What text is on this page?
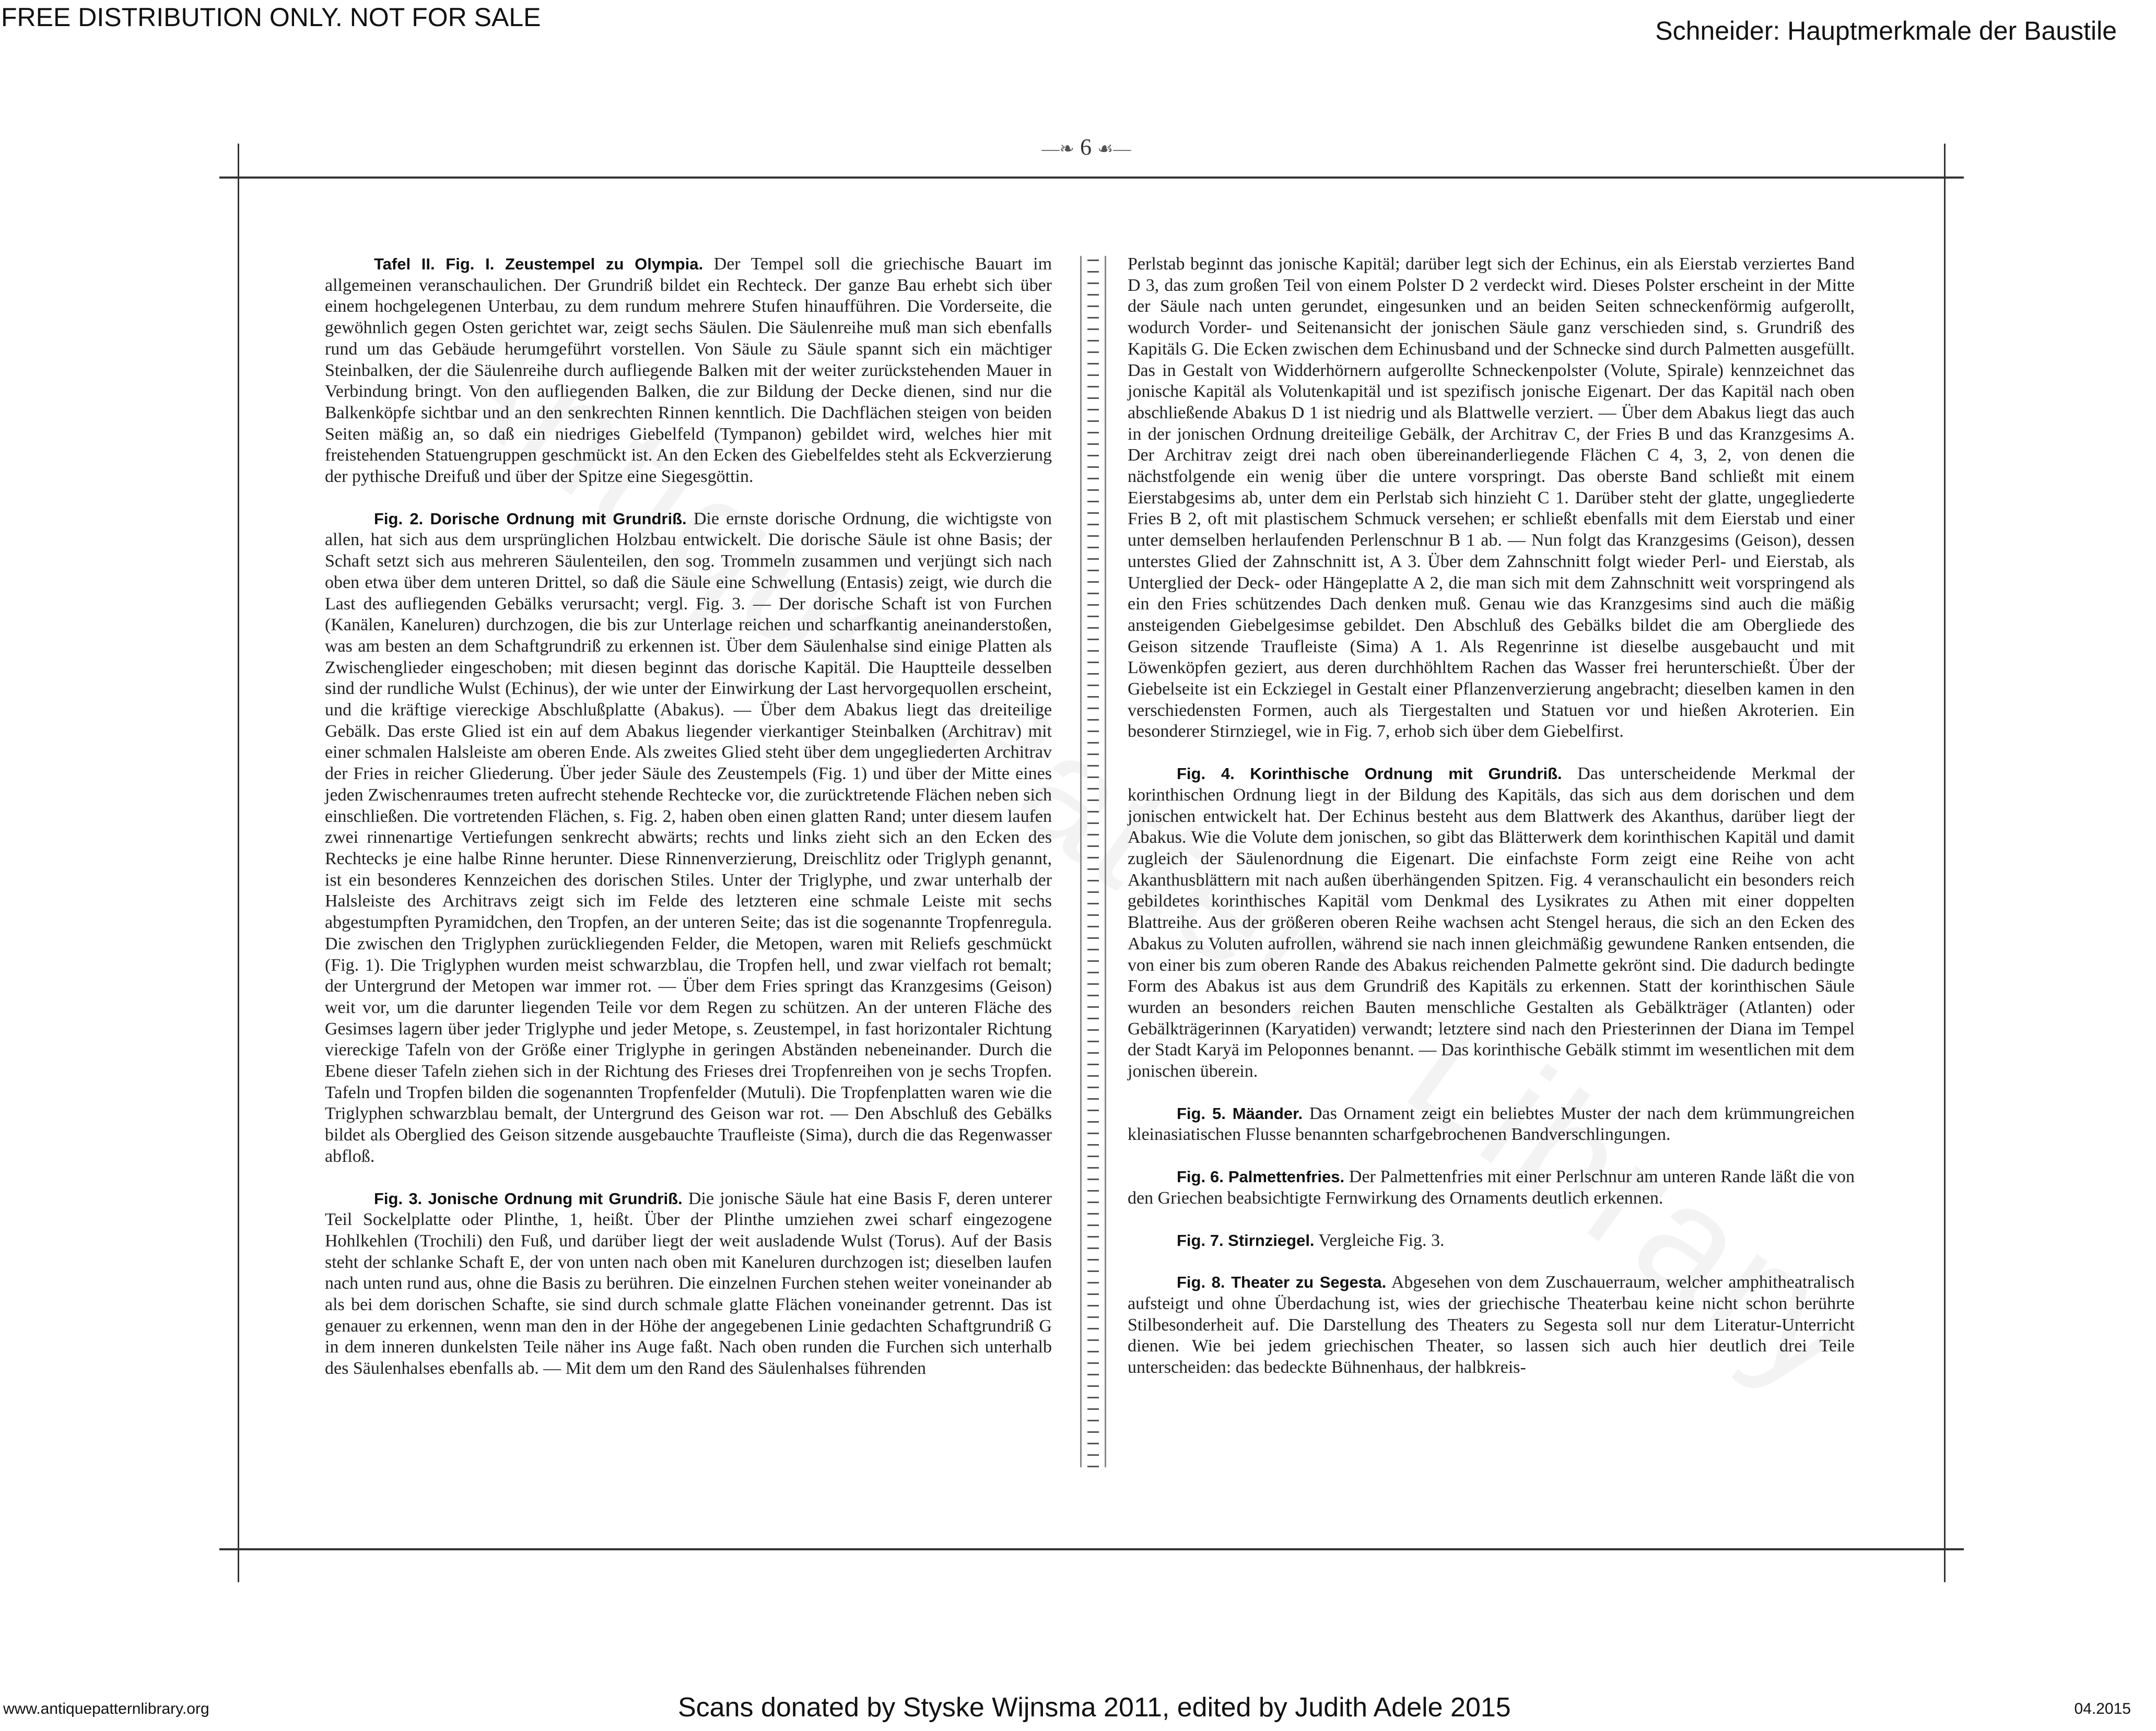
FREE DISTRIBUTION ONLY. NOT FOR SALE	Schneider: Hauptmerkmale der Baustile
—❧ 6 ☙—

Tafel II. Fig. I. Zeustempel zu Olympia. Der Tempel soll die griechische Bauart im allgemeinen veranschaulichen. Der Grundriß bildet ein Rechteck. Der ganze Bau erhebt sich über einem hochgelegenen Unterbau, zu dem rundum mehrere Stufen hinaufführen. Die Vorderseite, die gewöhnlich gegen Osten gerichtet war, zeigt sechs Säulen. Die Säulenreihe muß man sich ebenfalls rund um das Gebäude herumgeführt vorstellen. Von Säule zu Säule spannt sich ein mächtiger Steinbalken, der die Säulenreihe durch aufliegende Balken mit der weiter zurückstehenden Mauer in Verbindung bringt. Von den aufliegenden Balken, die zur Bildung der Decke dienen, sind nur die Balkenköpfe sichtbar und an den senkrechten Rinnen kenntlich. Die Dachflächen steigen von beiden Seiten mäßig an, so daß ein niedriges Giebelfeld (Tympanon) gebildet wird, welches hier mit freistehenden Statuengruppen geschmückt ist. An den Ecken des Giebelfeldes steht als Eckverzierung der pythische Dreifuß und über der Spitze eine Siegesgöttin.

Fig. 2. Dorische Ordnung mit Grundriß. Die ernste dorische Ordnung, die wichtigste von allen, hat sich aus dem ursprünglichen Holzbau entwickelt. Die dorische Säule ist ohne Basis; der Schaft setzt sich aus mehreren Säulenteilen, den sog. Trommeln zusammen und verjüngt sich nach oben etwa über dem unteren Drittel, so daß die Säule eine Schwellung (Entasis) zeigt, wie durch die Last des aufliegenden Gebälks verursacht; vergl. Fig. 3. — Der dorische Schaft ist von Furchen (Kanälen, Kaneluren) durchzogen, die bis zur Unterlage reichen und scharfkantig aneinanderstoßen, was am besten an dem Schaftgrundriß zu erkennen ist. Über dem Säulenhalse sind einige Platten als Zwischenglieder eingeschoben; mit diesen beginnt das dorische Kapitäl. Die Hauptteile desselben sind der rundliche Wulst (Echinus), der wie unter der Einwirkung der Last hervorgequollen erscheint, und die kräftige viereckige Abschlußplatte (Abakus). — Über dem Abakus liegt das dreiteilige Gebälk. Das erste Glied ist ein auf dem Abakus liegender vierkantiger Steinbalken (Architrav) mit einer schmalen Halsleiste am oberen Ende. Als zweites Glied steht über dem ungegliederten Architrav der Fries in reicher Gliederung. Über jeder Säule des Zeustempels (Fig. 1) und über der Mitte eines jeden Zwischenraumes treten aufrecht stehende Rechtecke vor, die zurücktretende Flächen neben sich einschließen. Die vortretenden Flächen, s. Fig. 2, haben oben einen glatten Rand; unter diesem laufen zwei rinnenartige Vertiefungen senkrecht abwärts; rechts und links zieht sich an den Ecken des Rechtecks je eine halbe Rinne herunter. Diese Rinnenverzierung, Dreischlitz oder Triglyph genannt, ist ein besonderes Kennzeichen des dorischen Stiles. Unter der Triglyphe, und zwar unterhalb der Halsleiste des Architravs zeigt sich im Felde des letzteren eine schmale Leiste mit sechs abgestumpften Pyramidchen, den Tropfen, an der unteren Seite; das ist die sogenannte Tropfenregula. Die zwischen den Triglyphen zurückliegenden Felder, die Metopen, waren mit Reliefs geschmückt (Fig. 1). Die Triglyphen wurden meist schwarzblau, die Tropfen hell, und zwar vielfach rot bemalt; der Untergrund der Metopen war immer rot. — Über dem Fries springt das Kranzgesims (Geison) weit vor, um die darunter liegenden Teile vor dem Regen zu schützen. An der unteren Fläche des Gesimses lagern über jeder Triglyphe und jeder Metope, s. Zeustempel, in fast horizontaler Richtung viereckige Tafeln von der Größe einer Triglyphe in geringen Abständen nebeneinander. Durch die Ebene dieser Tafeln ziehen sich in der Richtung des Frieses drei Tropfenreihen von je sechs Tropfen. Tafeln und Tropfen bilden die sogenannten Tropfenfelder (Mutuli). Die Tropfenplatten waren wie die Triglyphen schwarzblau bemalt, der Untergrund des Geison war rot. — Den Abschluß des Gebälks bildet als Oberglied des Geison sitzende ausgebauchte Traufleiste (Sima), durch die das Regenwasser abfloß.

Fig. 3. Jonische Ordnung mit Grundriß. Die jonische Säule hat eine Basis F, deren unterer Teil Sockelplatte oder Plinthe, 1, heißt. Über der Plinthe umziehen zwei scharf eingezogene Hohlkehlen (Trochili) den Fuß, und darüber liegt der weit ausladende Wulst (Torus). Auf der Basis steht der schlanke Schaft E, der von unten nach oben mit Kaneluren durchzogen ist; dieselben laufen nach unten rund aus, ohne die Basis zu berühren. Die einzelnen Furchen stehen weiter voneinander ab als bei dem dorischen Schafte, sie sind durch schmale glatte Flächen voneinander getrennt. Das ist genauer zu erkennen, wenn man den in der Höhe der angegebenen Linie gedachten Schaftgrundriß G in dem inneren dunkelsten Teile näher ins Auge faßt. Nach oben runden die Furchen sich unterhalb des Säulenhalses ebenfalls ab. — Mit dem um den Rand des Säulenhalses führenden

Perlstab beginnt das jonische Kapitäl; darüber legt sich der Echinus, ein als Eierstab verziertes Band D 3, das zum großen Teil von einem Polster D 2 verdeckt wird. Dieses Polster erscheint in der Mitte der Säule nach unten gerundet, eingesunken und an beiden Seiten schneckenförmig aufgerollt, wodurch Vorder- und Seitenansicht der jonischen Säule ganz verschieden sind, s. Grundriß des Kapitäls G. Die Ecken zwischen dem Echinusband und der Schnecke sind durch Palmetten ausgefüllt. Das in Gestalt von Widderhörnern aufgerollte Schneckenpolster (Volute, Spirale) kennzeichnet das jonische Kapitäl als Volutenkapitäl und ist spezifisch jonische Eigenart. Der das Kapitäl nach oben abschließende Abakus D 1 ist niedrig und als Blattwelle verziert. — Über dem Abakus liegt das auch in der jonischen Ordnung dreiteilige Gebälk, der Architrav C, der Fries B und das Kranzgesims A. Der Architrav zeigt drei nach oben übereinanderliegende Flächen C 4, 3, 2, von denen die nächstfolgende ein wenig über die untere vorspringt. Das oberste Band schließt mit einem Eierstabgesims ab, unter dem ein Perlstab sich hinzieht C 1. Darüber steht der glatte, ungegliederte Fries B 2, oft mit plastischem Schmuck versehen; er schließt ebenfalls mit dem Eierstab und einer unter demselben herlaufenden Perlenschnur B 1 ab. — Nun folgt das Kranzgesims (Geison), dessen unterstes Glied der Zahnschnitt ist, A 3. Über dem Zahnschnitt folgt wieder Perl- und Eierstab, als Unterglied der Deck- oder Hängeplatte A 2, die man sich mit dem Zahnschnitt weit vorspringend als ein den Fries schützendes Dach denken muß. Genau wie das Kranzgesims sind auch die mäßig ansteigenden Giebelgesimse gebildet. Den Abschluß des Gebälks bildet die am Obergliede des Geison sitzende Traufleiste (Sima) A 1. Als Regenrinne ist dieselbe ausgebaucht und mit Löwenköpfen geziert, aus deren durchhöhltem Rachen das Wasser frei herunterschießt. Über der Giebelseite ist ein Eckziegel in Gestalt einer Pflanzenverzierung angebracht; dieselben kamen in den verschiedensten Formen, auch als Tiergestalten und Statuen vor und hießen Akroterien. Ein besonderer Stirnziegel, wie in Fig. 7, erhob sich über dem Giebelfirst.

Fig. 4. Korinthische Ordnung mit Grundriß. Das unterscheidende Merkmal der korinthischen Ordnung liegt in der Bildung des Kapitäls, das sich aus dem dorischen und dem jonischen entwickelt hat. Der Echinus besteht aus dem Blattwerk des Akanthus, darüber liegt der Abakus. Wie die Volute dem jonischen, so gibt das Blätterwerk dem korinthischen Kapitäl und damit zugleich der Säulenordnung die Eigenart. Die einfachste Form zeigt eine Reihe von acht Akanthusblättern mit nach außen überhängenden Spitzen. Fig. 4 veranschaulicht ein besonders reich gebildetes korinthisches Kapitäl vom Denkmal des Lysikrates zu Athen mit einer doppelten Blattreihe. Aus der größeren oberen Reihe wachsen acht Stengel heraus, die sich an den Ecken des Abakus zu Voluten aufrollen, während sie nach innen gleichmäßig gewundene Ranken entsenden, die von einer bis zum oberen Rande des Abakus reichenden Palmette gekrönt sind. Die dadurch bedingte Form des Abakus ist aus dem Grundriß des Kapitäls zu erkennen. Statt der korinthischen Säule wurden an besonders reichen Bauten menschliche Gestalten als Gebälkträger (Atlanten) oder Gebälkträgerinnen (Karyatiden) verwandt; letztere sind nach den Priesterinnen der Diana im Tempel der Stadt Karyä im Peloponnes benannt. — Das korinthische Gebälk stimmt im wesentlichen mit dem jonischen überein.

Fig. 5. Mäander. Das Ornament zeigt ein beliebtes Muster der nach dem krümmungreichen kleinasiatischen Flusse benannten scharfgebrochenen Bandverschlingungen.

Fig. 6. Palmettenfries. Der Palmettenfries mit einer Perlschnur am unteren Rande läßt die von den Griechen beabsichtigte Fernwirkung des Ornaments deutlich erkennen.

Fig. 7. Stirnziegel. Vergleiche Fig. 3.

Fig. 8. Theater zu Segesta. Abgesehen von dem Zuschauerraum, welcher amphitheatralisch aufsteigt und ohne Überdachung ist, wies der griechische Theaterbau keine nicht schon berührte Stilbesonderheit auf. Die Darstellung des Theaters zu Segesta soll nur dem Literatur-Unterricht dienen. Wie bei jedem griechischen Theater, so lassen sich auch hier deutlich drei Teile unterscheiden: das bedeckte Bühnenhaus, der halbkreis-

www.antiquepatternlibrary.org	Scans donated by Styske Wijnsma 2011, edited by Judith Adele 2015	04.2015
